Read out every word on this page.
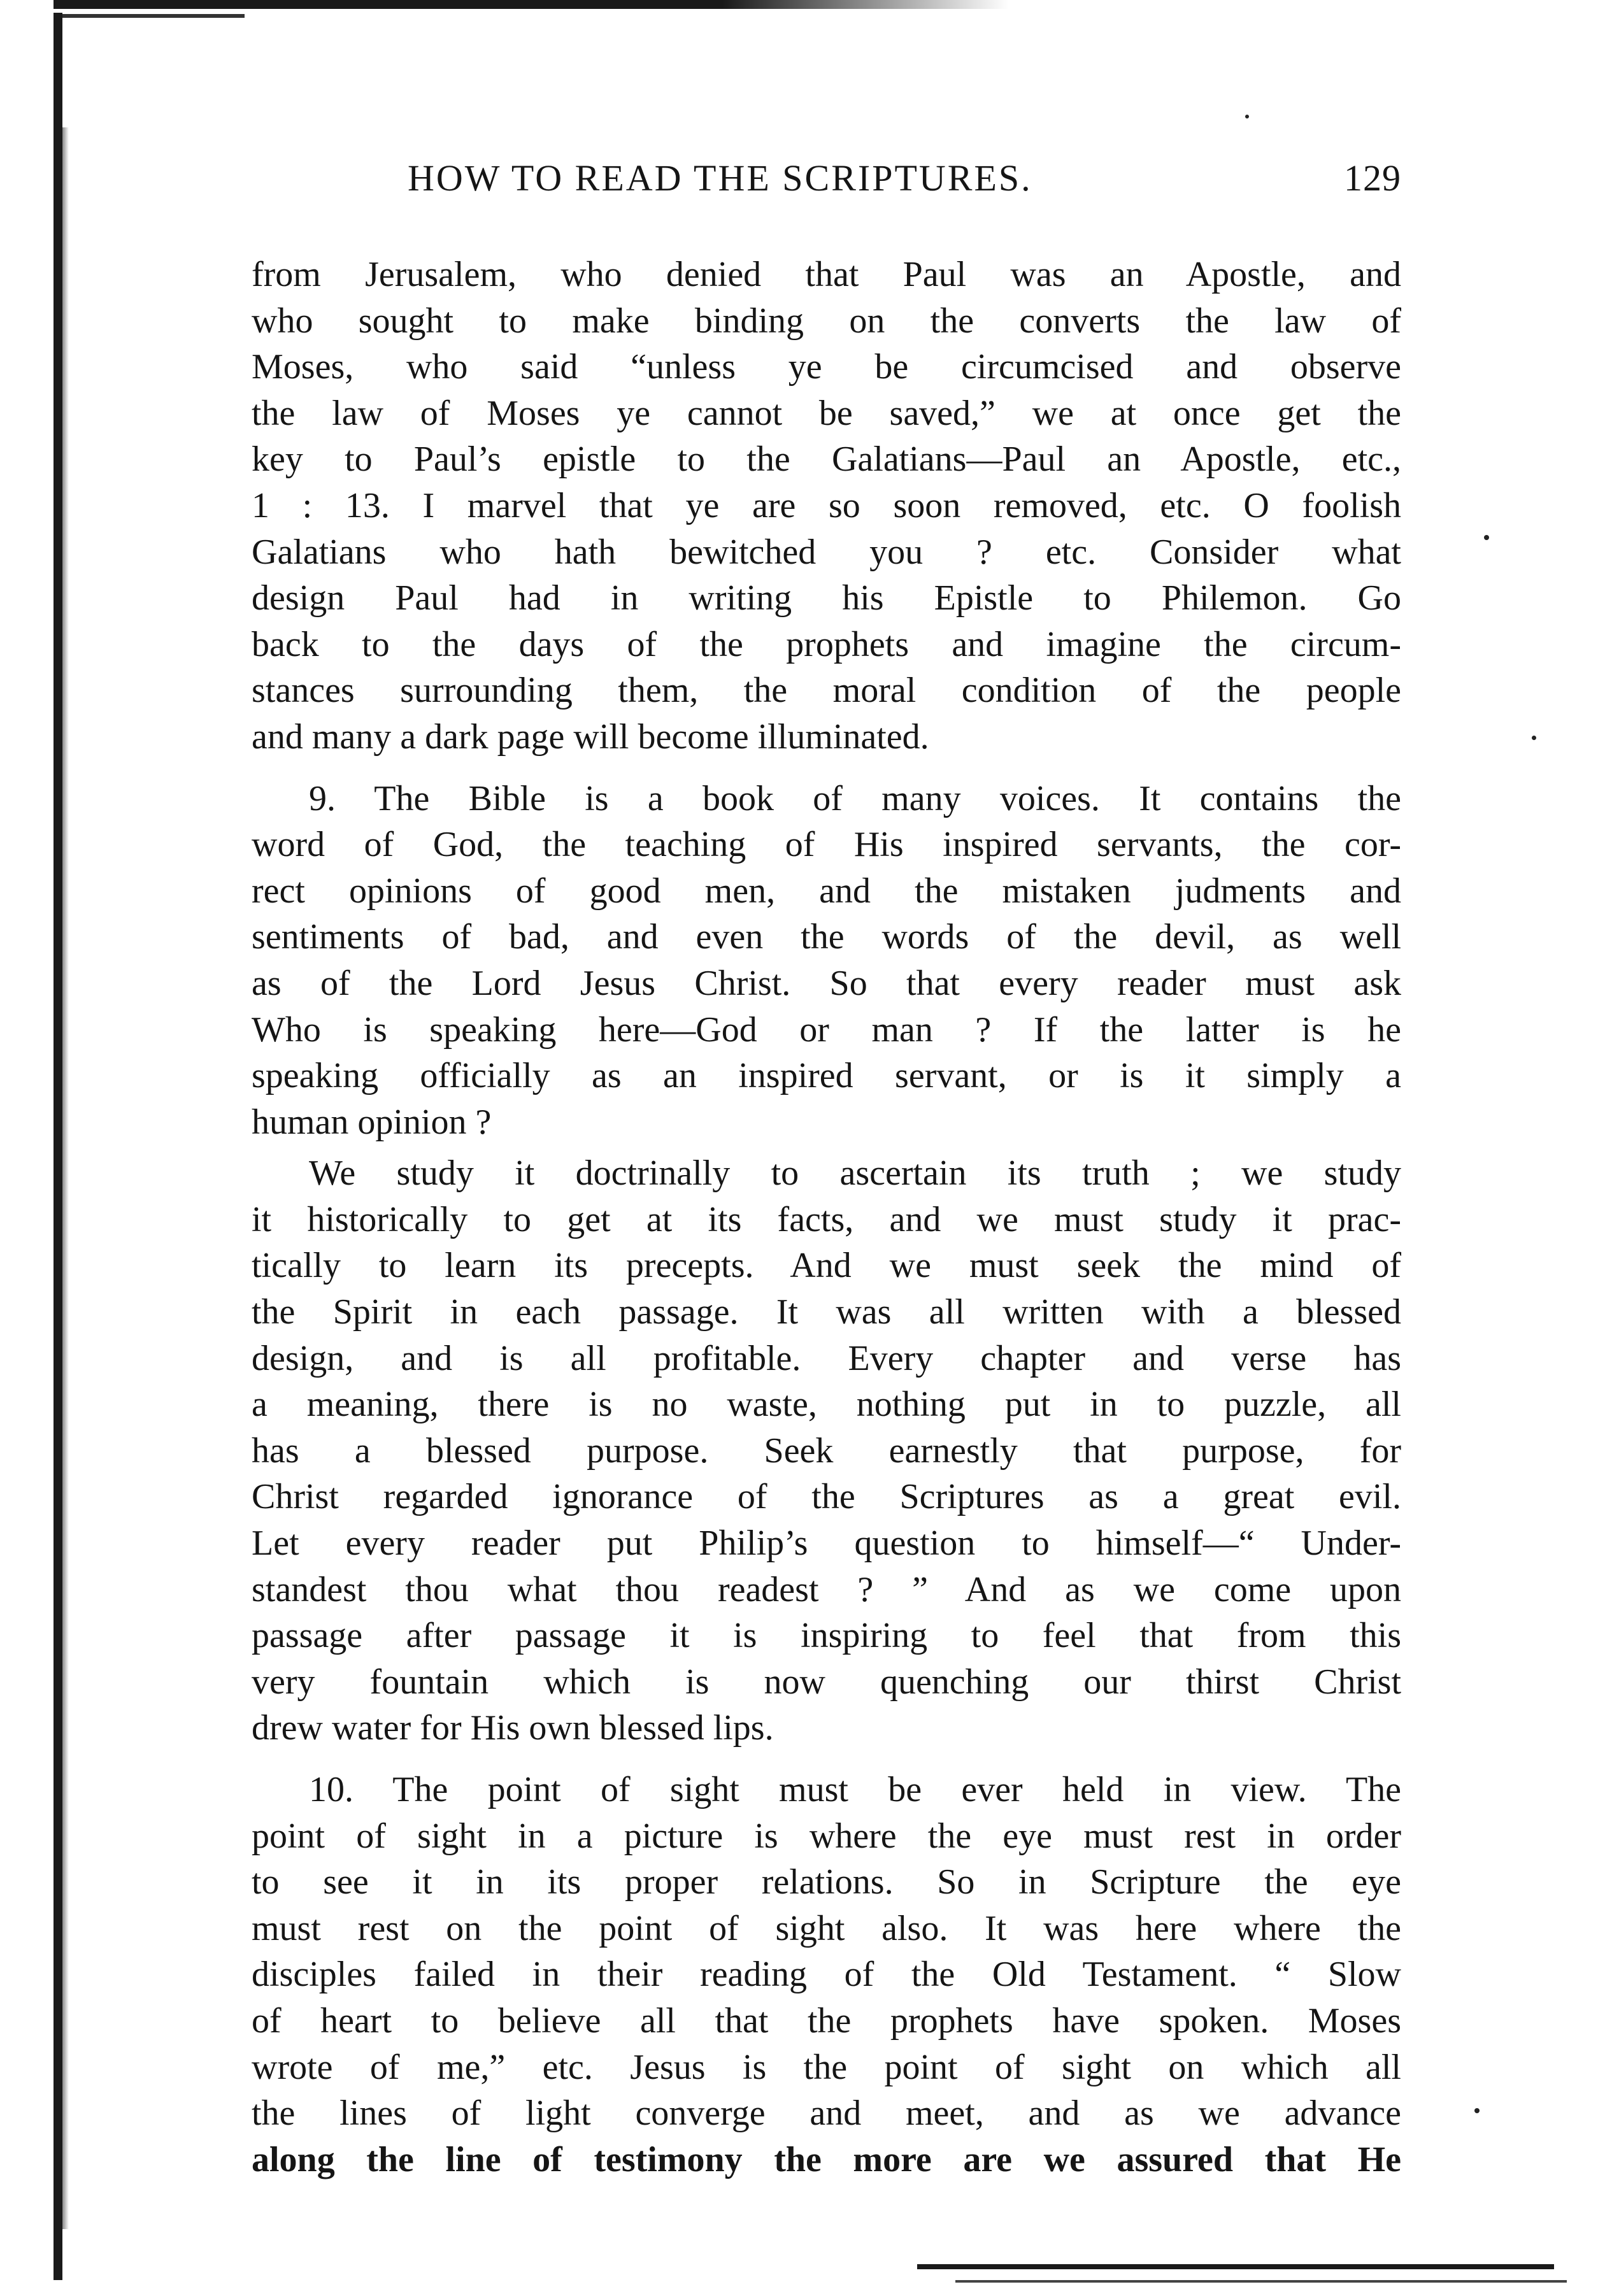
HOW TO READ THE SCRIPTURES.	129
from Jerusalem, who denied that Paul was an Apostle, and
who sought to make binding on the converts the law of
Moses, who said “unless ye be circumcised and observe
the law of Moses ye cannot be saved,” we at once get the
key to Paul’s epistle to the Galatians—Paul an Apostle, etc.,
1 : 13. I marvel that ye are so soon removed, etc. O foolish
Galatians who hath bewitched you ? etc. Consider what
design Paul had in writing his Epistle to Philemon. Go
back to the days of the prophets and imagine the circum-
stances surrounding them, the moral condition of the people
and many a dark page will become illuminated.
9. The Bible is a book of many voices. It contains the
word of God, the teaching of His inspired servants, the cor-
rect opinions of good men, and the mistaken judments and
sentiments of bad, and even the words of the devil, as well
as of the Lord Jesus Christ. So that every reader must ask
Who is speaking here—God or man ? If the latter is he
speaking officially as an inspired servant, or is it simply a
human opinion ?
We study it doctrinally to ascertain its truth ; we study
it historically to get at its facts, and we must study it prac-
tically to learn its precepts. And we must seek the mind of
the Spirit in each passage. It was all written with a blessed
design, and is all profitable. Every chapter and verse has
a meaning, there is no waste, nothing put in to puzzle, all
has a blessed purpose. Seek earnestly that purpose, for
Christ regarded ignorance of the Scriptures as a great evil.
Let every reader put Philip’s question to himself—“ Under-
standest thou what thou readest ? ” And as we come upon
passage after passage it is inspiring to feel that from this
very fountain which is now quenching our thirst Christ
drew water for His own blessed lips.
10. The point of sight must be ever held in view. The
point of sight in a picture is where the eye must rest in order
to see it in its proper relations. So in Scripture the eye
must rest on the point of sight also. It was here where the
disciples failed in their reading of the Old Testament. “ Slow
of heart to believe all that the prophets have spoken. Moses
wrote of me,” etc. Jesus is the point of sight on which all
the lines of light converge and meet, and as we advance
along the line of testimony the more are we assured that He
